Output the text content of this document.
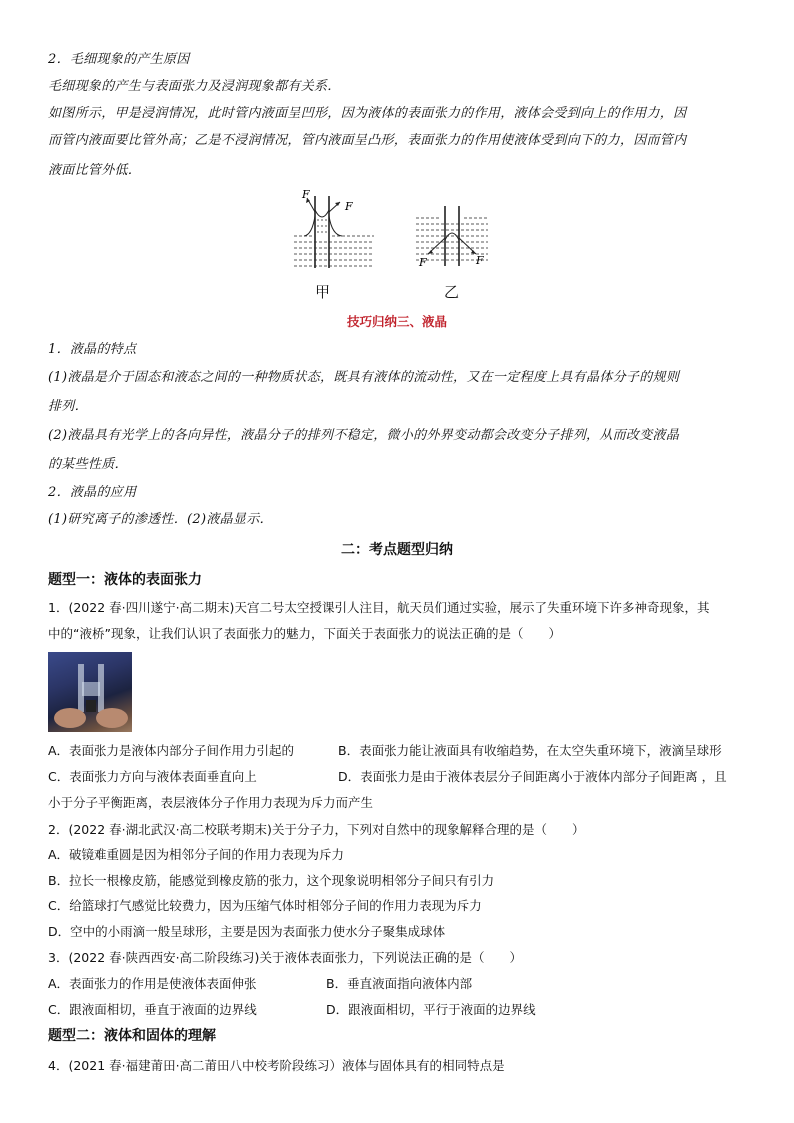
2．毛细现象的产生原因
毛细现象的产生与表面张力及浸润现象都有关系．
如图所示，甲是浸润情况，此时管内液面呈凹形，因为液体的表面张力的作用，液体会受到向上的作用力，因
而管内液面要比管外高；乙是不浸润情况，管内液面呈凸形，表面张力的作用使液体受到向下的力，因而管内
液面比管外低．
F
F
甲
F	F
乙
技巧归纳三、液晶
1．液晶的特点
(1)液晶是介于固态和液态之间的一种物质状态，既具有液体的流动性，又在一定程度上具有晶体分子的规则
排列．
(2)液晶具有光学上的各向异性，液晶分子的排列不稳定，微小的外界变动都会改变分子排列，从而改变液晶
的某些性质．
2．液晶的应用
(1)研究离子的渗透性．(2)液晶显示．
二：考点题型归纳
题型一：液体的表面张力
1．(2022 春·四川遂宁·高二期末)天宫二号太空授课引人注目，航天员们通过实验，展示了失重环境下许多神奇现象，其
中的“液桥”现象，让我们认识了表面张力的魅力，下面关于表面张力的说法正确的是（　　）
A．表面张力是液体内部分子间作用力引起的	B．表面张力能让液面具有收缩趋势，在太空失重环境下，液滴呈球形
C．表面张力方向与液体表面垂直向上	D．表面张力是由于液体表层分子间距离小于液体内部分子间距离 ，且
小于分子平衡距离，表层液体分子作用力表现为斥力而产生
2．(2022 春·湖北武汉·高二校联考期末)关于分子力，下列对自然中的现象解释合理的是（　　）
A．破镜难重圆是因为相邻分子间的作用力表现为斥力
B．拉长一根橡皮筋，能感觉到橡皮筋的张力，这个现象说明相邻分子间只有引力
C．给篮球打气感觉比较费力，因为压缩气体时相邻分子间的作用力表现为斥力
D．空中的小雨滴一般呈球形，主要是因为表面张力使水分子聚集成球体
3．(2022 春·陕西西安·高二阶段练习)关于液体表面张力，下列说法正确的是（　　）
A．表面张力的作用是使液体表面伸张	B．垂直液面指向液体内部
C．跟液面相切，垂直于液面的边界线	D．跟液面相切，平行于液面的边界线
题型二：液体和固体的理解
4．(2021 春·福建莆田·高二莆田八中校考阶段练习）液体与固体具有的相同特点是
